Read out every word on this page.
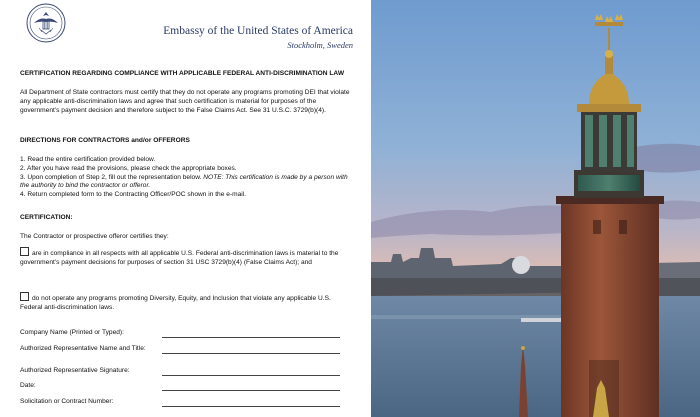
Embassy of the United States of America
Stockholm, Sweden
CERTIFICATION REGARDING COMPLIANCE WITH APPLICABLE FEDERAL ANTI-DISCRIMINATION LAW
All Department of State contractors must certify that they do not operate any programs promoting DEI that violate any applicable anti-discrimination laws and agree that such certification is material for purposes of the government’s payment decision and therefore subject to the False Claims Act. See 31 U.S.C. 3729(b)(4).
DIRECTIONS FOR CONTRACTORS and/or OFFERORS
1. Read the entire certification provided below.
2. After you have read the provisions, please check the appropriate boxes.
3. Upon completion of Step 2, fill out the representation below. NOTE: This certification is made by a person with the authority to bind the contractor or offeror.
4. Return completed form to the Contracting Officer/POC shown in the e-mail.
CERTIFICATION:
The Contractor or prospective offeror certifies they:
are in compliance in all respects with all applicable U.S. Federal anti-discrimination laws is material to the government’s payment decisions for purposes of section 31 USC 3729(b)(4) (False Claims Act); and
do not operate any programs promoting Diversity, Equity, and Inclusion that violate any applicable U.S. Federal anti-discrimination laws.
Company Name (Printed or Typed):
Authorized Representative Name and Title:
Authorized Representative Signature:
Date:
Solicitation or Contract Number:
